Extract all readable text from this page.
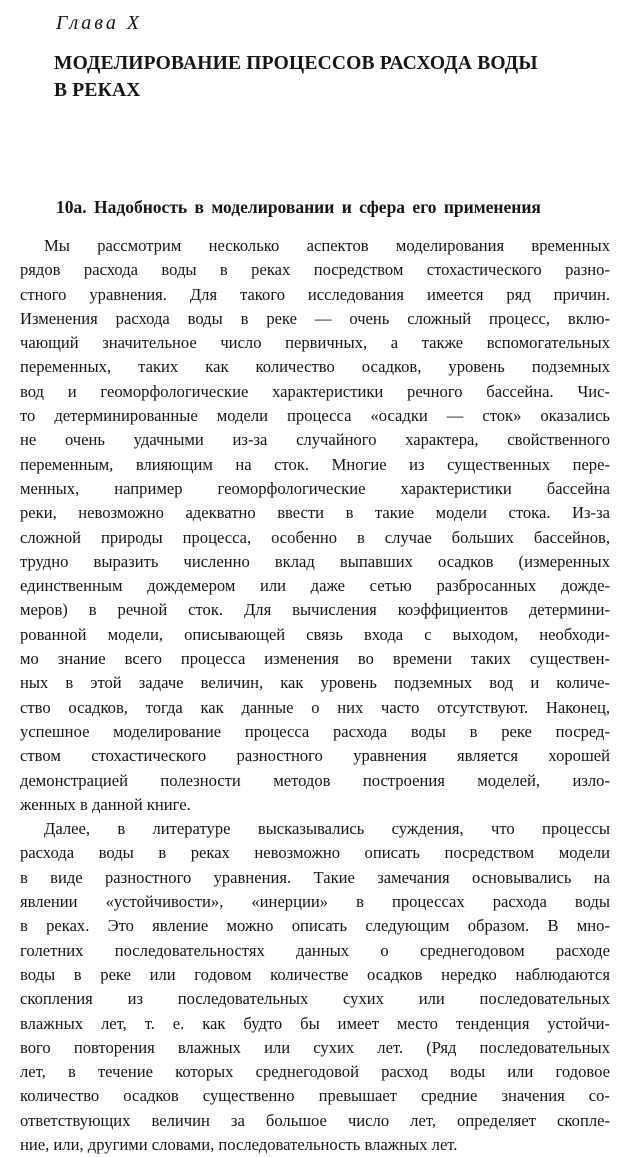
Глава X

МОДЕЛИРОВАНИЕ ПРОЦЕССОВ РАСХОДА ВОДЫ
В РЕКАХ
10а. Надобность в моделировании и сфера его применения
Мы рассмотрим несколько аспектов моделирования временных
рядов расхода воды в реках посредством стохастического разно-
стного уравнения. Для такого исследования имеется ряд причин.
Изменения расхода воды в реке — очень сложный процесс, вклю-
чающий значительное число первичных, а также вспомогательных
переменных, таких как количество осадков, уровень подземных
вод и геоморфологические характеристики речного бассейна. Чис-
то детерминированные модели процесса «осадки — сток» оказались
не очень удачными из-за случайного характера, свойственного
переменным, влияющим на сток. Многие из существенных пере-
менных, например геоморфологические характеристики бассейна
реки, невозможно адекватно ввести в такие модели стока. Из-за
сложной природы процесса, особенно в случае больших бассейнов,
трудно выразить численно вклад выпавших осадков (измеренных
единственным дождемером или даже сетью разбросанных дожде-
меров) в речной сток. Для вычисления коэффициентов детермини-
рованной модели, описывающей связь входа с выходом, необходи-
мо знание всего процесса изменения во времени таких существен-
ных в этой задаче величин, как уровень подземных вод и количе-
ство осадков, тогда как данные о них часто отсутствуют. Наконец,
успешное моделирование процесса расхода воды в реке посред-
ством стохастического разностного уравнения является хорошей
демонстрацией полезности методов построения моделей, изло-
женных в данной книге.
Далее, в литературе высказывались суждения, что процессы
расхода воды в реках невозможно описать посредством модели
в виде разностного уравнения. Такие замечания основывались на
явлении «устойчивости», «инерции» в процессах расхода воды
в реках. Это явление можно описать следующим образом. В мно-
голетних последовательностях данных о среднегодовом расходе
воды в реке или годовом количестве осадков нередко наблюдаются
скопления из последовательных сухих или последовательных
влажных лет, т. е. как будто бы имеет место тенденция устойчи-
вого повторения влажных или сухих лет. (Ряд последовательных
лет, в течение которых среднегодовой расход воды или годовое
количество осадков существенно превышает средние значения со-
ответствующих величин за большое число лет, определяет скопле-
ние, или, другими словами, последовательность влажных лет.
